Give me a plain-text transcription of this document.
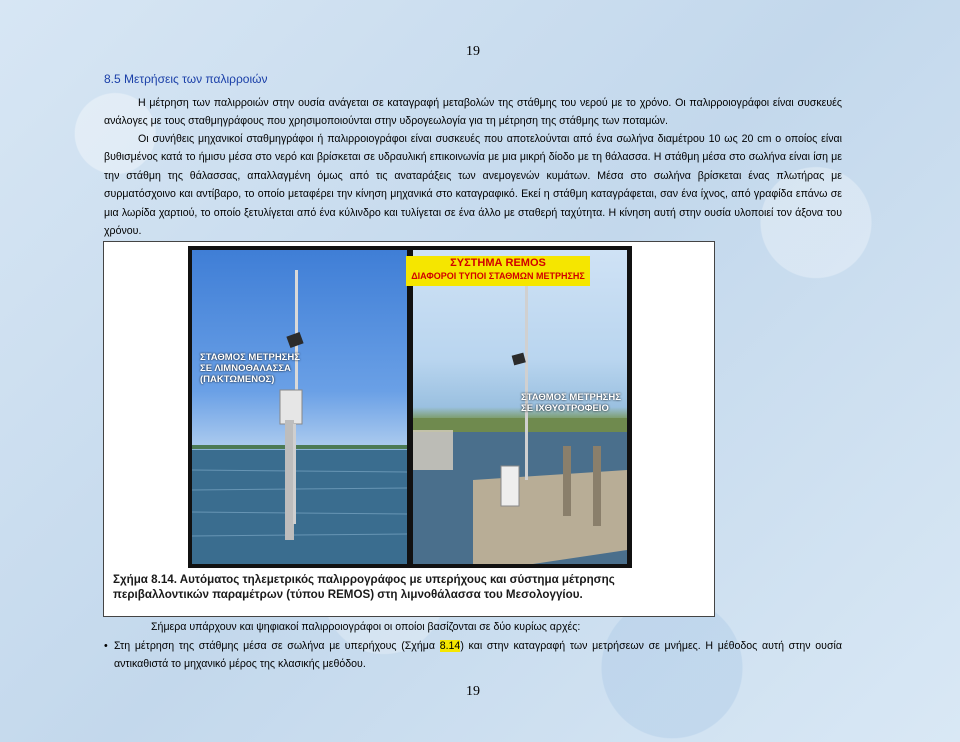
19
8.5 Μετρήσεις των παλιρροιών
Η μέτρηση των παλιρροιών στην ουσία ανάγεται σε καταγραφή μεταβολών της στάθμης του νερού με το χρόνο. Οι παλιρροιογράφοι είναι συσκευές ανάλογες με τους σταθμηγράφους που χρησιμοποιούνται στην υδρογεωλογία για τη μέτρηση της στάθμης των ποταμών.
Οι συνήθεις μηχανικοί σταθμηγράφοι ή παλιρροιογράφοι είναι συσκευές που αποτελούνται από ένα σωλήνα διαμέτρου 10 ως 20 cm ο οποίος είναι βυθισμένος κατά το ήμισυ μέσα στο νερό και βρίσκεται σε υδραυλική επικοινωνία με μια μικρή δίοδο με τη θάλασσα. Η στάθμη μέσα στο σωλήνα είναι ίση με την στάθμη της θάλασσας, απαλλαγμένη όμως από τις αναταράξεις των ανεμογενών κυμάτων. Μέσα στο σωλήνα βρίσκεται ένας πλωτήρας με συρματόσχοινο και αντίβαρο, το οποίο μεταφέρει την κίνηση μηχανικά στο καταγραφικό. Εκεί η στάθμη καταγράφεται, σαν ένα ίχνος, από γραφίδα επάνω σε μια λωρίδα χαρτιού, το οποίο ξετυλίγεται από ένα κύλινδρο και τυλίγεται σε ένα άλλο με σταθερή ταχύτητα. Η κίνηση αυτή στην ουσία υλοποιεί τον άξονα του χρόνου.
ΣΤΑΘΜΟΣ ΜΕΤΡΗΣΗΣ
ΣΕ ΛΙΜΝΟΘΑΛΑΣΣΑ
(ΠΑΚΤΩΜΕΝΟΣ)
ΣΤΑΘΜΟΣ ΜΕΤΡΗΣΗΣ
ΣΕ ΙΧΘΥΟΤΡΟΦΕΙΟ
ΣΥΣΤΗΜΑ REMOS
ΔΙΑΦΟΡΟΙ ΤΥΠΟΙ ΣΤΑΘΜΩΝ ΜΕΤΡΗΣΗΣ
Σχήμα 8.14. Αυτόματος τηλεμετρικός παλιρρογράφος με υπερήχους και σύστημα μέτρησης περιβαλλοντικών παραμέτρων (τύπου REMOS) στη λιμνοθάλασσα του Μεσολογγίου.
Σήμερα υπάρχουν και ψηφιακοί παλιρροιογράφοι οι οποίοι βασίζονται σε δύο κυρίως αρχές:
• Στη μέτρηση της στάθμης μέσα σε σωλήνα με υπερήχους (Σχήμα 8.14) και στην καταγραφή των μετρήσεων σε μνήμες. Η μέθοδος αυτή στην ουσία αντικαθιστά το μηχανικό μέρος της κλασικής μεθόδου.
19
